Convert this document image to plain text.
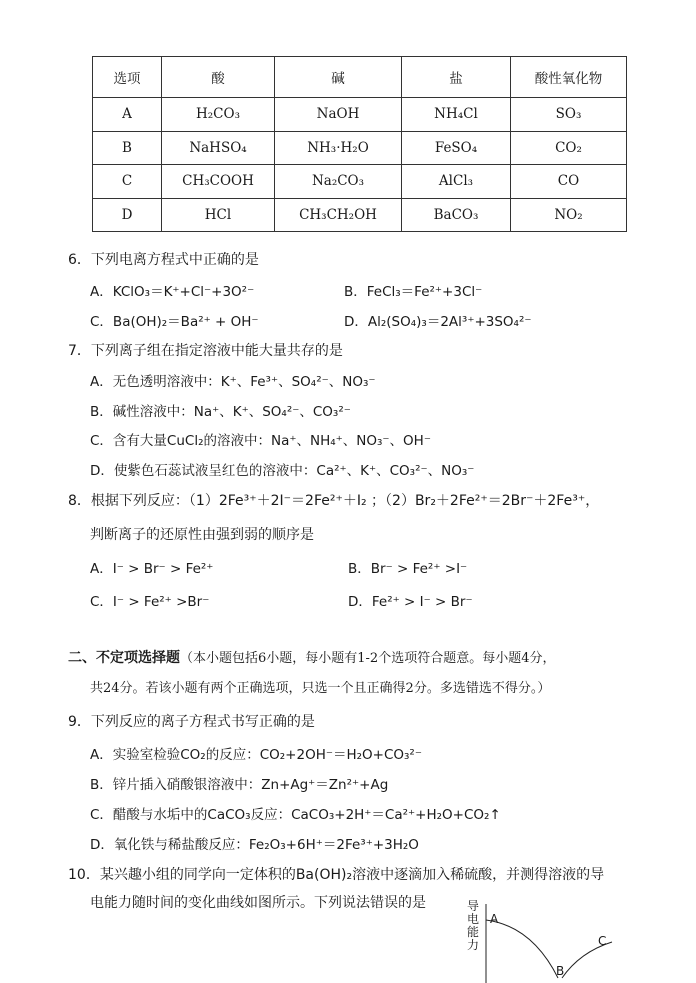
选项	酸	碱	盐	酸性氧化物
A	H₂CO₃	NaOH	NH₄Cl	SO₃
B	NaHSO₄	NH₃·H₂O	FeSO₄	CO₂
C	CH₃COOH	Na₂CO₃	AlCl₃	CO
D	HCl	CH₃CH₂OH	BaCO₃	NO₂
6．下列电离方程式中正确的是
A．KClO₃＝K⁺+Cl⁻+3O²⁻	B．FeCl₃＝Fe²⁺+3Cl⁻
C．Ba(OH)₂＝Ba²⁺ + OH⁻	D．Al₂(SO₄)₃＝2Al³⁺+3SO₄²⁻
7．下列离子组在指定溶液中能大量共存的是
A．无色透明溶液中：K⁺、Fe³⁺、SO₄²⁻、NO₃⁻
B．碱性溶液中：Na⁺、K⁺、SO₄²⁻、CO₃²⁻
C．含有大量CuCl₂的溶液中：Na⁺、NH₄⁺、NO₃⁻、OH⁻
D．使紫色石蕊试液呈红色的溶液中：Ca²⁺、K⁺、CO₃²⁻、NO₃⁻
8．根据下列反应：（1）2Fe³⁺＋2I⁻＝2Fe²⁺＋I₂ ；（2）Br₂＋2Fe²⁺＝2Br⁻＋2Fe³⁺，
判断离子的还原性由强到弱的顺序是
A．I⁻ > Br⁻ > Fe²⁺	B．Br⁻ > Fe²⁺ >I⁻
C．I⁻ > Fe²⁺ >Br⁻	D．Fe²⁺ > I⁻ > Br⁻
二、不定项选择题（本小题包括6小题，每小题有1-2个选项符合题意。每小题4分，
共24分。若该小题有两个正确选项，只选一个且正确得2分。多选错选不得分。）
9．下列反应的离子方程式书写正确的是
A．实验室检验CO₂的反应：CO₂+2OH⁻＝H₂O+CO₃²⁻
B．锌片插入硝酸银溶液中：Zn+Ag⁺＝Zn²⁺+Ag
C．醋酸与水垢中的CaCO₃反应：CaCO₃+2H⁺＝Ca²⁺+H₂O+CO₂↑
D．氧化铁与稀盐酸反应：Fe₂O₃+6H⁺＝2Fe³⁺+3H₂O
10．某兴趣小组的同学向一定体积的Ba(OH)₂溶液中逐滴加入稀硫酸，并测得溶液的导
电能力随时间的变化曲线如图所示。下列说法错误的是	导
电
能
力
A
B
C
